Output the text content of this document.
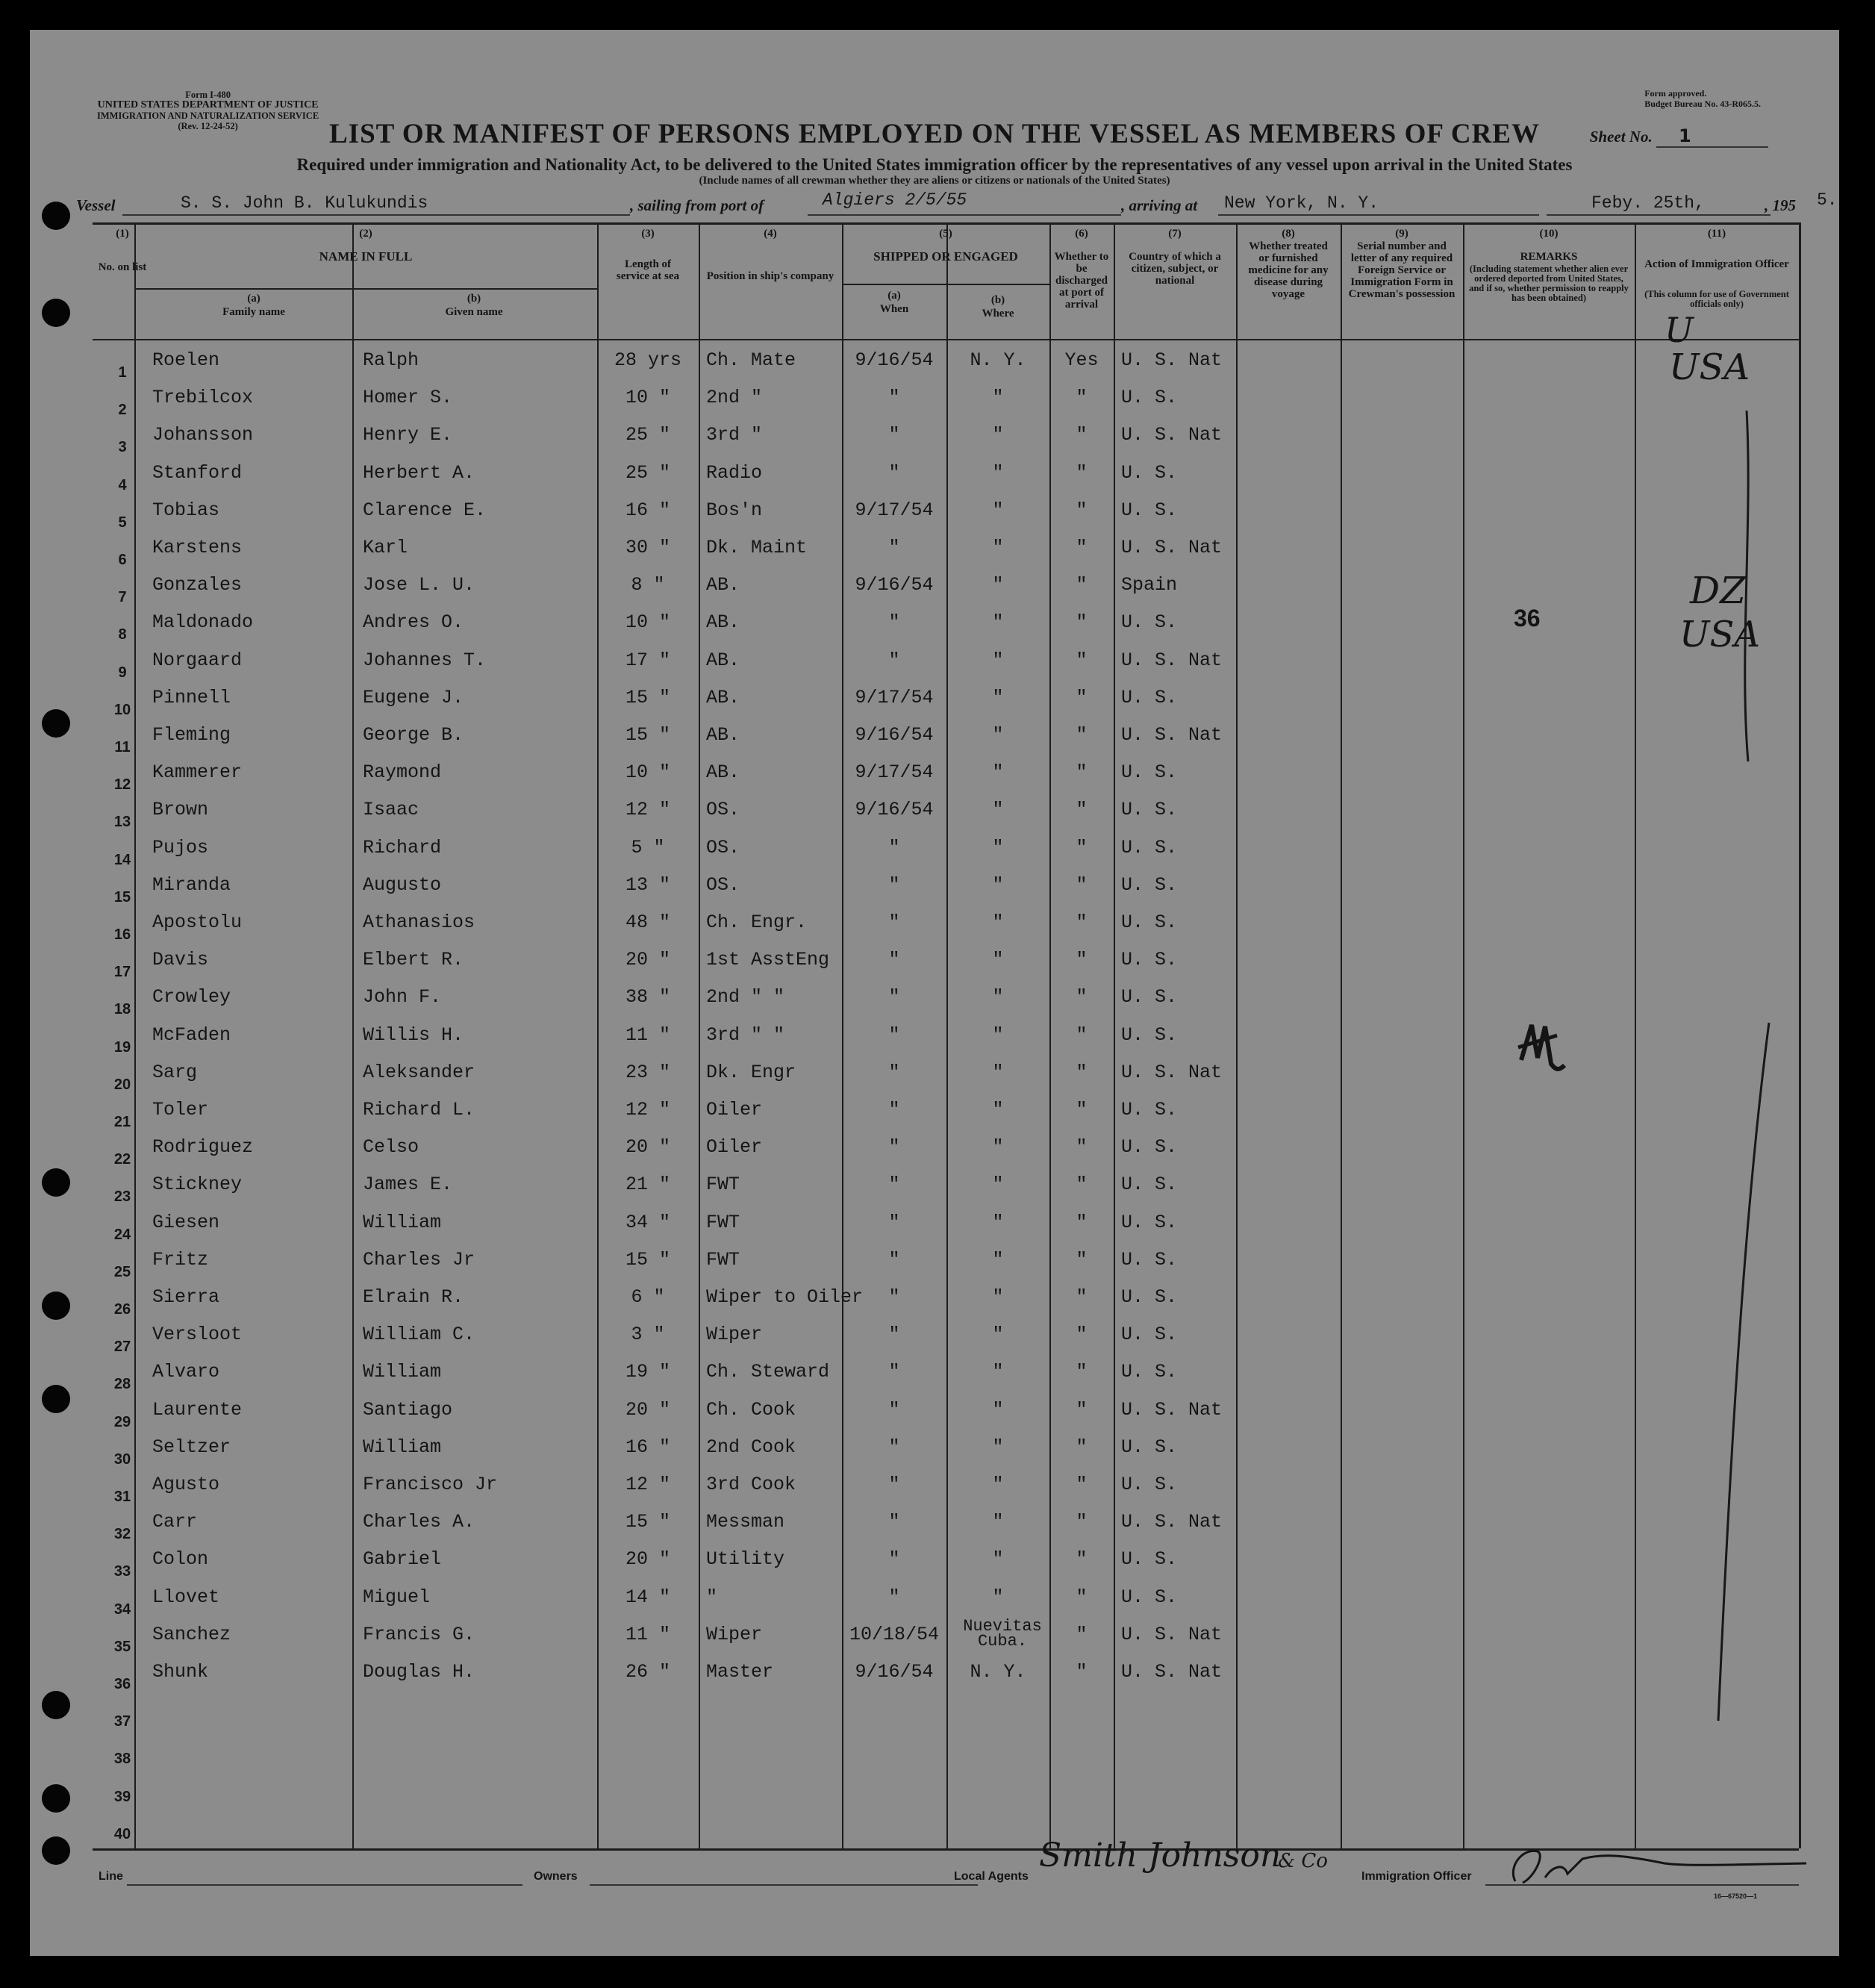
Form I-480
UNITED STATES DEPARTMENT OF JUSTICE
IMMIGRATION AND NATURALIZATION SERVICE
(Rev. 12-24-52)
Form approved.
Budget Bureau No. 43-R065.5.
LIST OR MANIFEST OF PERSONS EMPLOYED ON THE VESSEL AS MEMBERS OF CREW	Sheet No. 1
Required under immigration and Nationality Act, to be delivered to the United States immigration officer by the representatives of any vessel upon arrival in the United States
(Include names of all crewman whether they are aliens or citizens or nationals of the United States)
Vessel	S. S. John B. Kulukundis	, sailing from port of	Algiers 2/5/55	, arriving at New York, N. Y.	Feby. 25th,	, 195 5.
(1)
No. on list
(2)
NAME IN FULL
(a)
Family name
(b)
Given name
(3)
Length of service at sea
(4)
Position in ship's company
(5)
SHIPPED OR ENGAGED
(a)
When
(b)
Where
(6)
Whether to be discharged at port of arrival
(7)
Country of which a citizen, subject, or national
(8)
Whether treated or furnished medicine for any disease during voyage
(9)
Serial number and letter of any required Foreign Service or Immigration Form in Crewman's possession
(10)
REMARKS
(Including statement whether alien ever ordered deported from United States, and if so, whether permission to reapply has been obtained)
(11)
Action of Immigration Officer
(This column for use of Government officials only)
1
Roelen	Ralph	28 yrs	Ch. Mate	9/16/54	N. Y.	Yes	U. S. Nat
2
Trebilcox	Homer S.	10 "	2nd "	"	"	"	U. S.
3
Johansson	Henry E.	25 "	3rd "	"	"	"	U. S. Nat
4
Stanford	Herbert A.	25 "	Radio	"	"	"	U. S.
5
Tobias	Clarence E.	16 "	Bos'n	9/17/54	"	"	U. S.
6
Karstens	Karl	30 "	Dk. Maint	"	"	"	U. S. Nat
7
Gonzales	Jose L. U.	8 "	AB.	9/16/54	"	"	Spain
8
Maldonado	Andres O.	10 "	AB.	"	"	"	U. S.
9
Norgaard	Johannes T.	17 "	AB.	"	"	"	U. S. Nat
10
Pinnell	Eugene J.	15 "	AB.	9/17/54	"	"	U. S.
11
Fleming	George B.	15 "	AB.	9/16/54	"	"	U. S. Nat
12
Kammerer	Raymond	10 "	AB.	9/17/54	"	"	U. S.
13
Brown	Isaac	12 "	OS.	9/16/54	"	"	U. S.
14
Pujos	Richard	5 "	OS.	"	"	"	U. S.
15
Miranda	Augusto	13 "	OS.	"	"	"	U. S.
16
Apostolu	Athanasios	48 "	Ch. Engr.	"	"	"	U. S.
17
Davis	Elbert R.	20 "	1st AsstEng	"	"	"	U. S.
18
Crowley	John F.	38 "	2nd " "	"	"	"	U. S.
19
McFaden	Willis H.	11 "	3rd " "	"	"	"	U. S.
20
Sarg	Aleksander	23 "	Dk. Engr	"	"	"	U. S. Nat
21
Toler	Richard L.	12 "	Oiler	"	"	"	U. S.
22
Rodriguez	Celso	20 "	Oiler	"	"	"	U. S.
23
Stickney	James E.	21 "	FWT	"	"	"	U. S.
24
Giesen	William	34 "	FWT	"	"	"	U. S.
25
Fritz	Charles Jr	15 "	FWT	"	"	"	U. S.
26
Sierra	Elrain R.	6 "	Wiper to Oiler	"	"	"	U. S.
27
Versloot	William C.	3 "	Wiper	"	"	"	U. S.
28
Alvaro	William	19 "	Ch. Steward	"	"	"	U. S.
29
Laurente	Santiago	20 "	Ch. Cook	"	"	"	U. S. Nat
30
Seltzer	William	16 "	2nd Cook	"	"	"	U. S.
31
Agusto	Francisco Jr	12 "	3rd Cook	"	"	"	U. S.
32
Carr	Charles A.	15 "	Messman	"	"	"	U. S. Nat
33
Colon	Gabriel	20 "	Utility	"	"	"	U. S.
34
Llovet	Miguel	14 "	"	"	"	"	U. S.
35
Sanchez	Francis G.	11 "	Wiper	10/18/54	Nuevitas Cuba.	"	U. S. Nat
36
Shunk	Douglas H.	26 "	Master	9/16/54	N. Y.	"	U. S. Nat
37
38
39
40
U
USA
DZ
USA
36
Line	Owners	Local Agents
Smith Johnson
& Co
Immigration Officer
16—67520—1
